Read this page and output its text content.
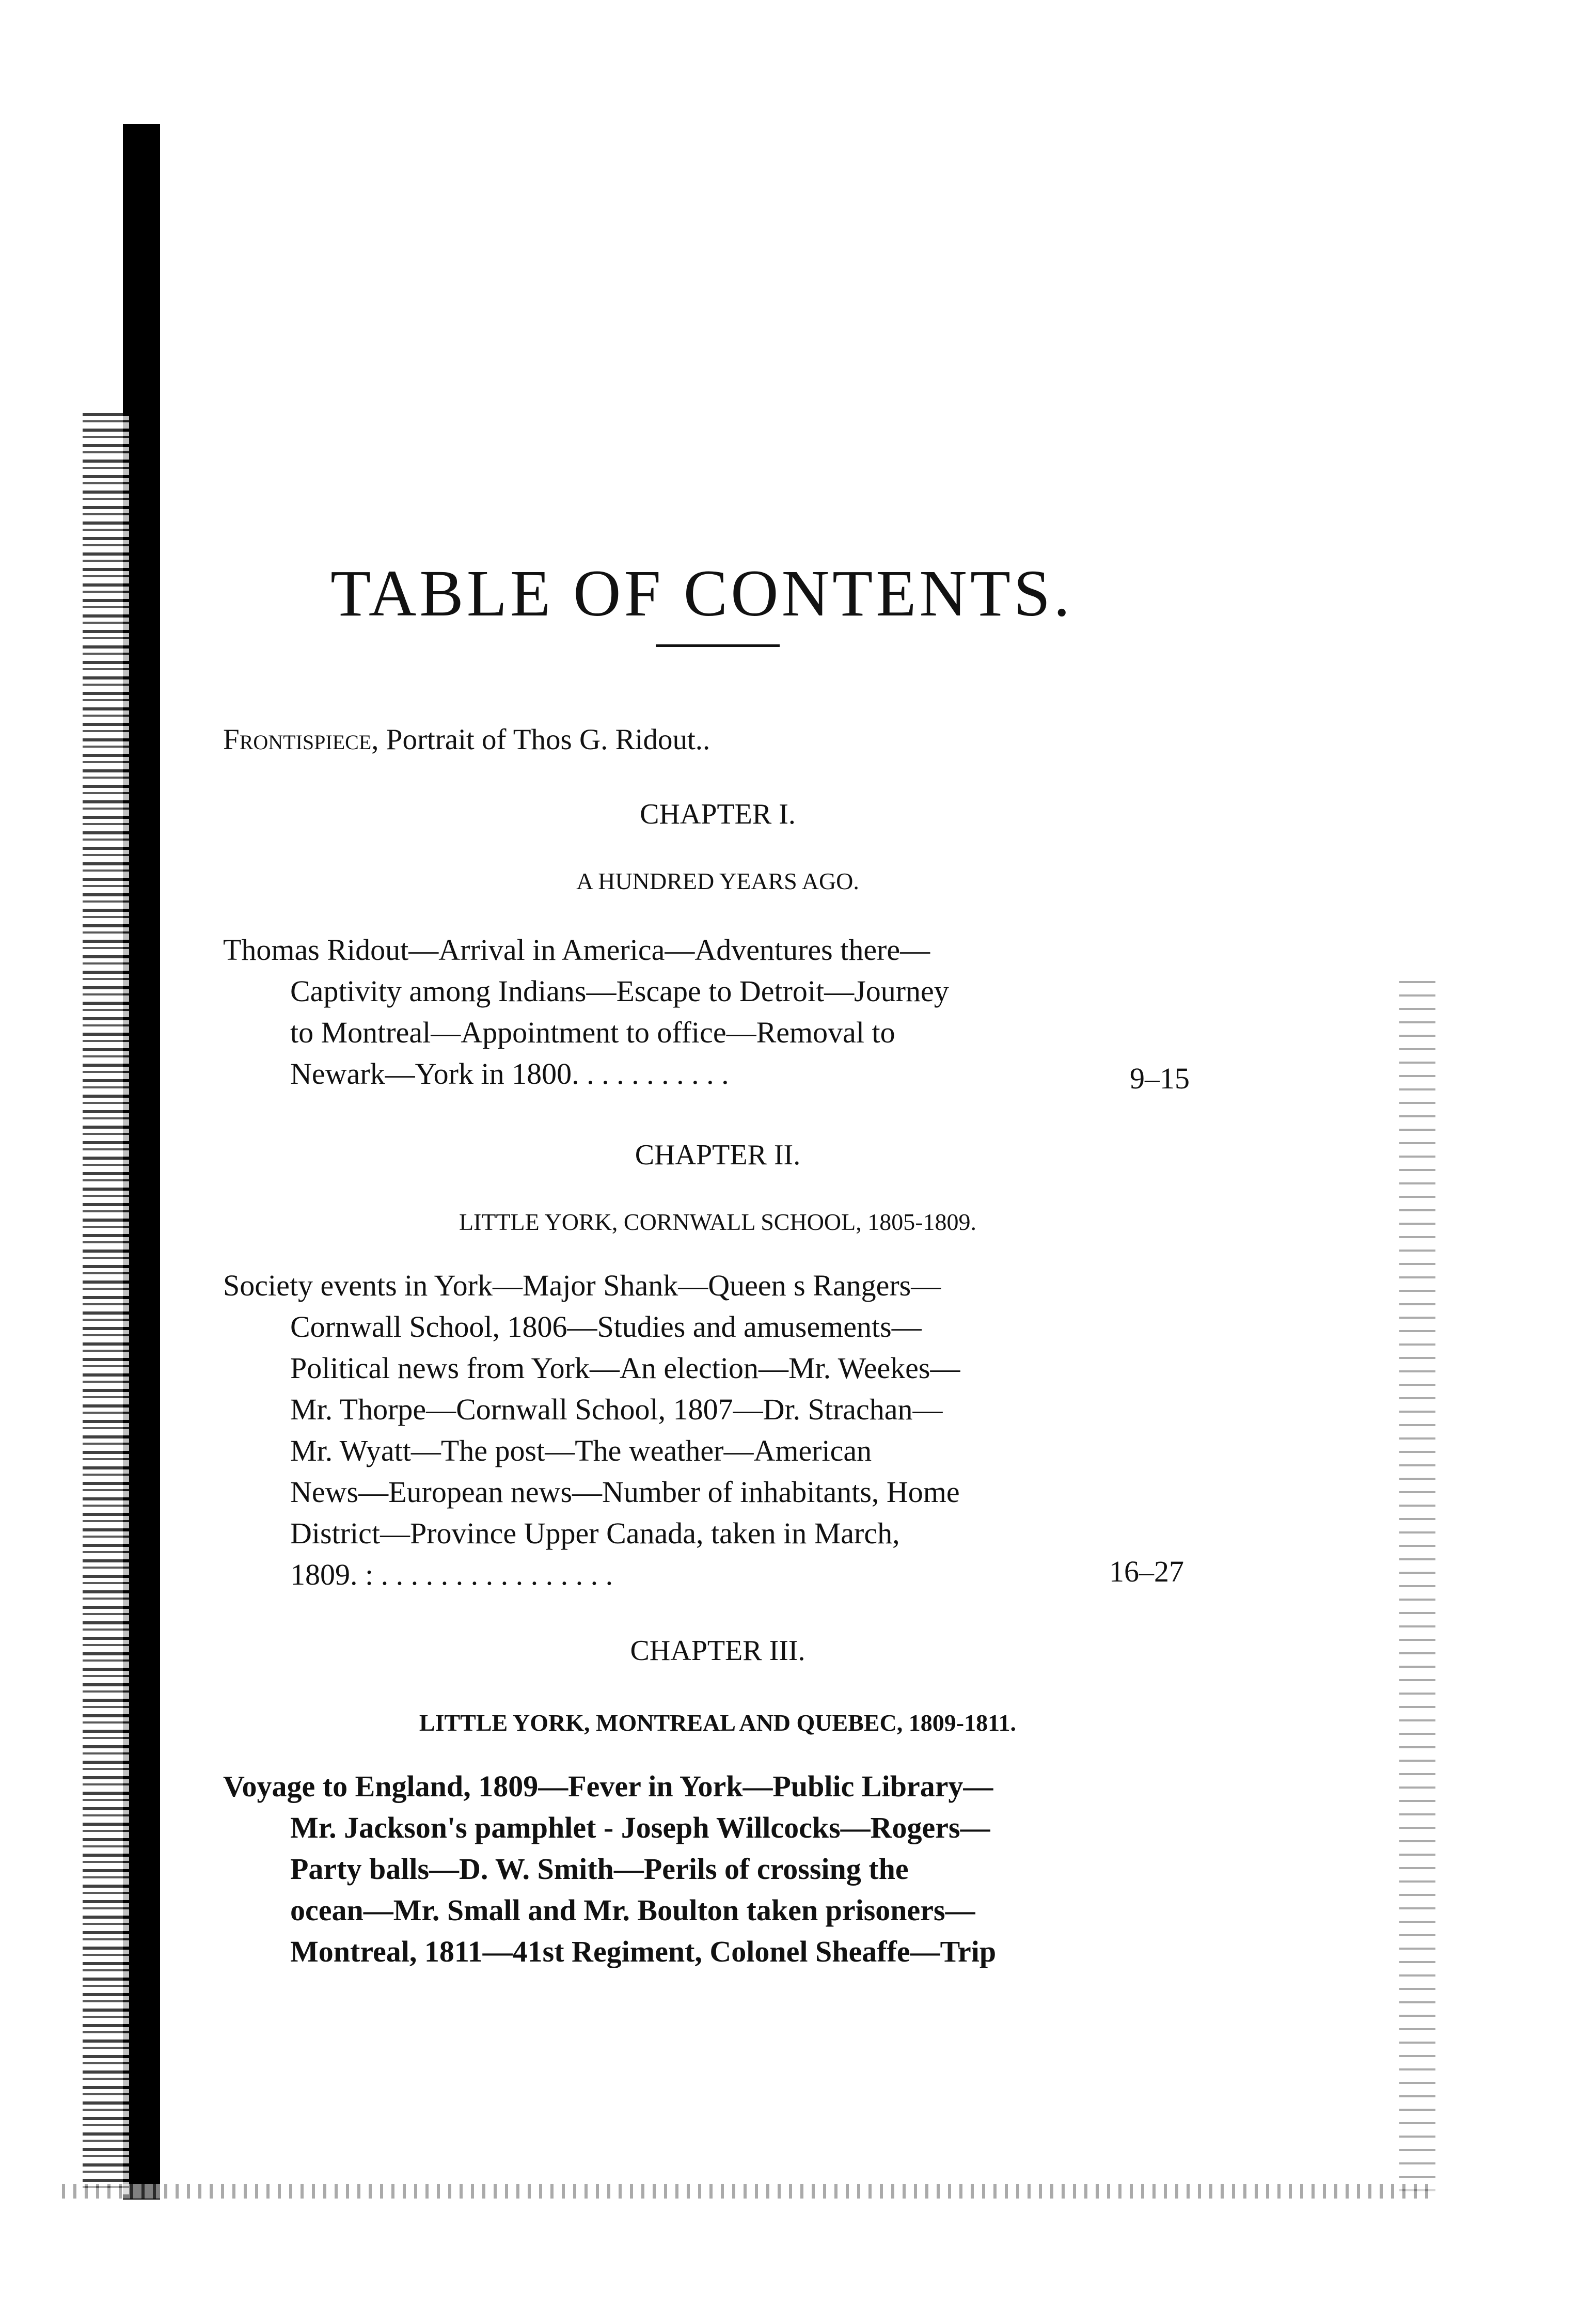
TABLE OF CONTENTS.
Frontispiece, Portrait of Thos G. Ridout..
CHAPTER I.
A HUNDRED YEARS AGO.
Thomas Ridout—Arrival in America—Adventures there—
Captivity among Indians—Escape to Detroit—Journey
to Montreal—Appointment to office—Removal to
Newark—York in 1800. . . . . . . . . . .	9–15
CHAPTER II.
LITTLE YORK, CORNWALL SCHOOL, 1805-1809.
Society events in York—Major Shank—Queen s Rangers—
Cornwall School, 1806—Studies and amusements—
Political news from York—An election—Mr. Weekes—
Mr. Thorpe—Cornwall School, 1807—Dr. Strachan—
Mr. Wyatt—The post—The weather—American
News—European news—Number of inhabitants, Home
District—Province Upper Canada, taken in March,
1809. : . . . . . . . . . . . . . . . .	16–27
CHAPTER III.
LITTLE YORK, MONTREAL AND QUEBEC, 1809-1811.
Voyage to England, 1809—Fever in York—Public Library—
Mr. Jackson's pamphlet - Joseph Willcocks—Rogers—
Party balls—D. W. Smith—Perils of crossing the
ocean—Mr. Small and Mr. Boulton taken prisoners—
Montreal, 1811—41st Regiment, Colonel Sheaffe—Trip
